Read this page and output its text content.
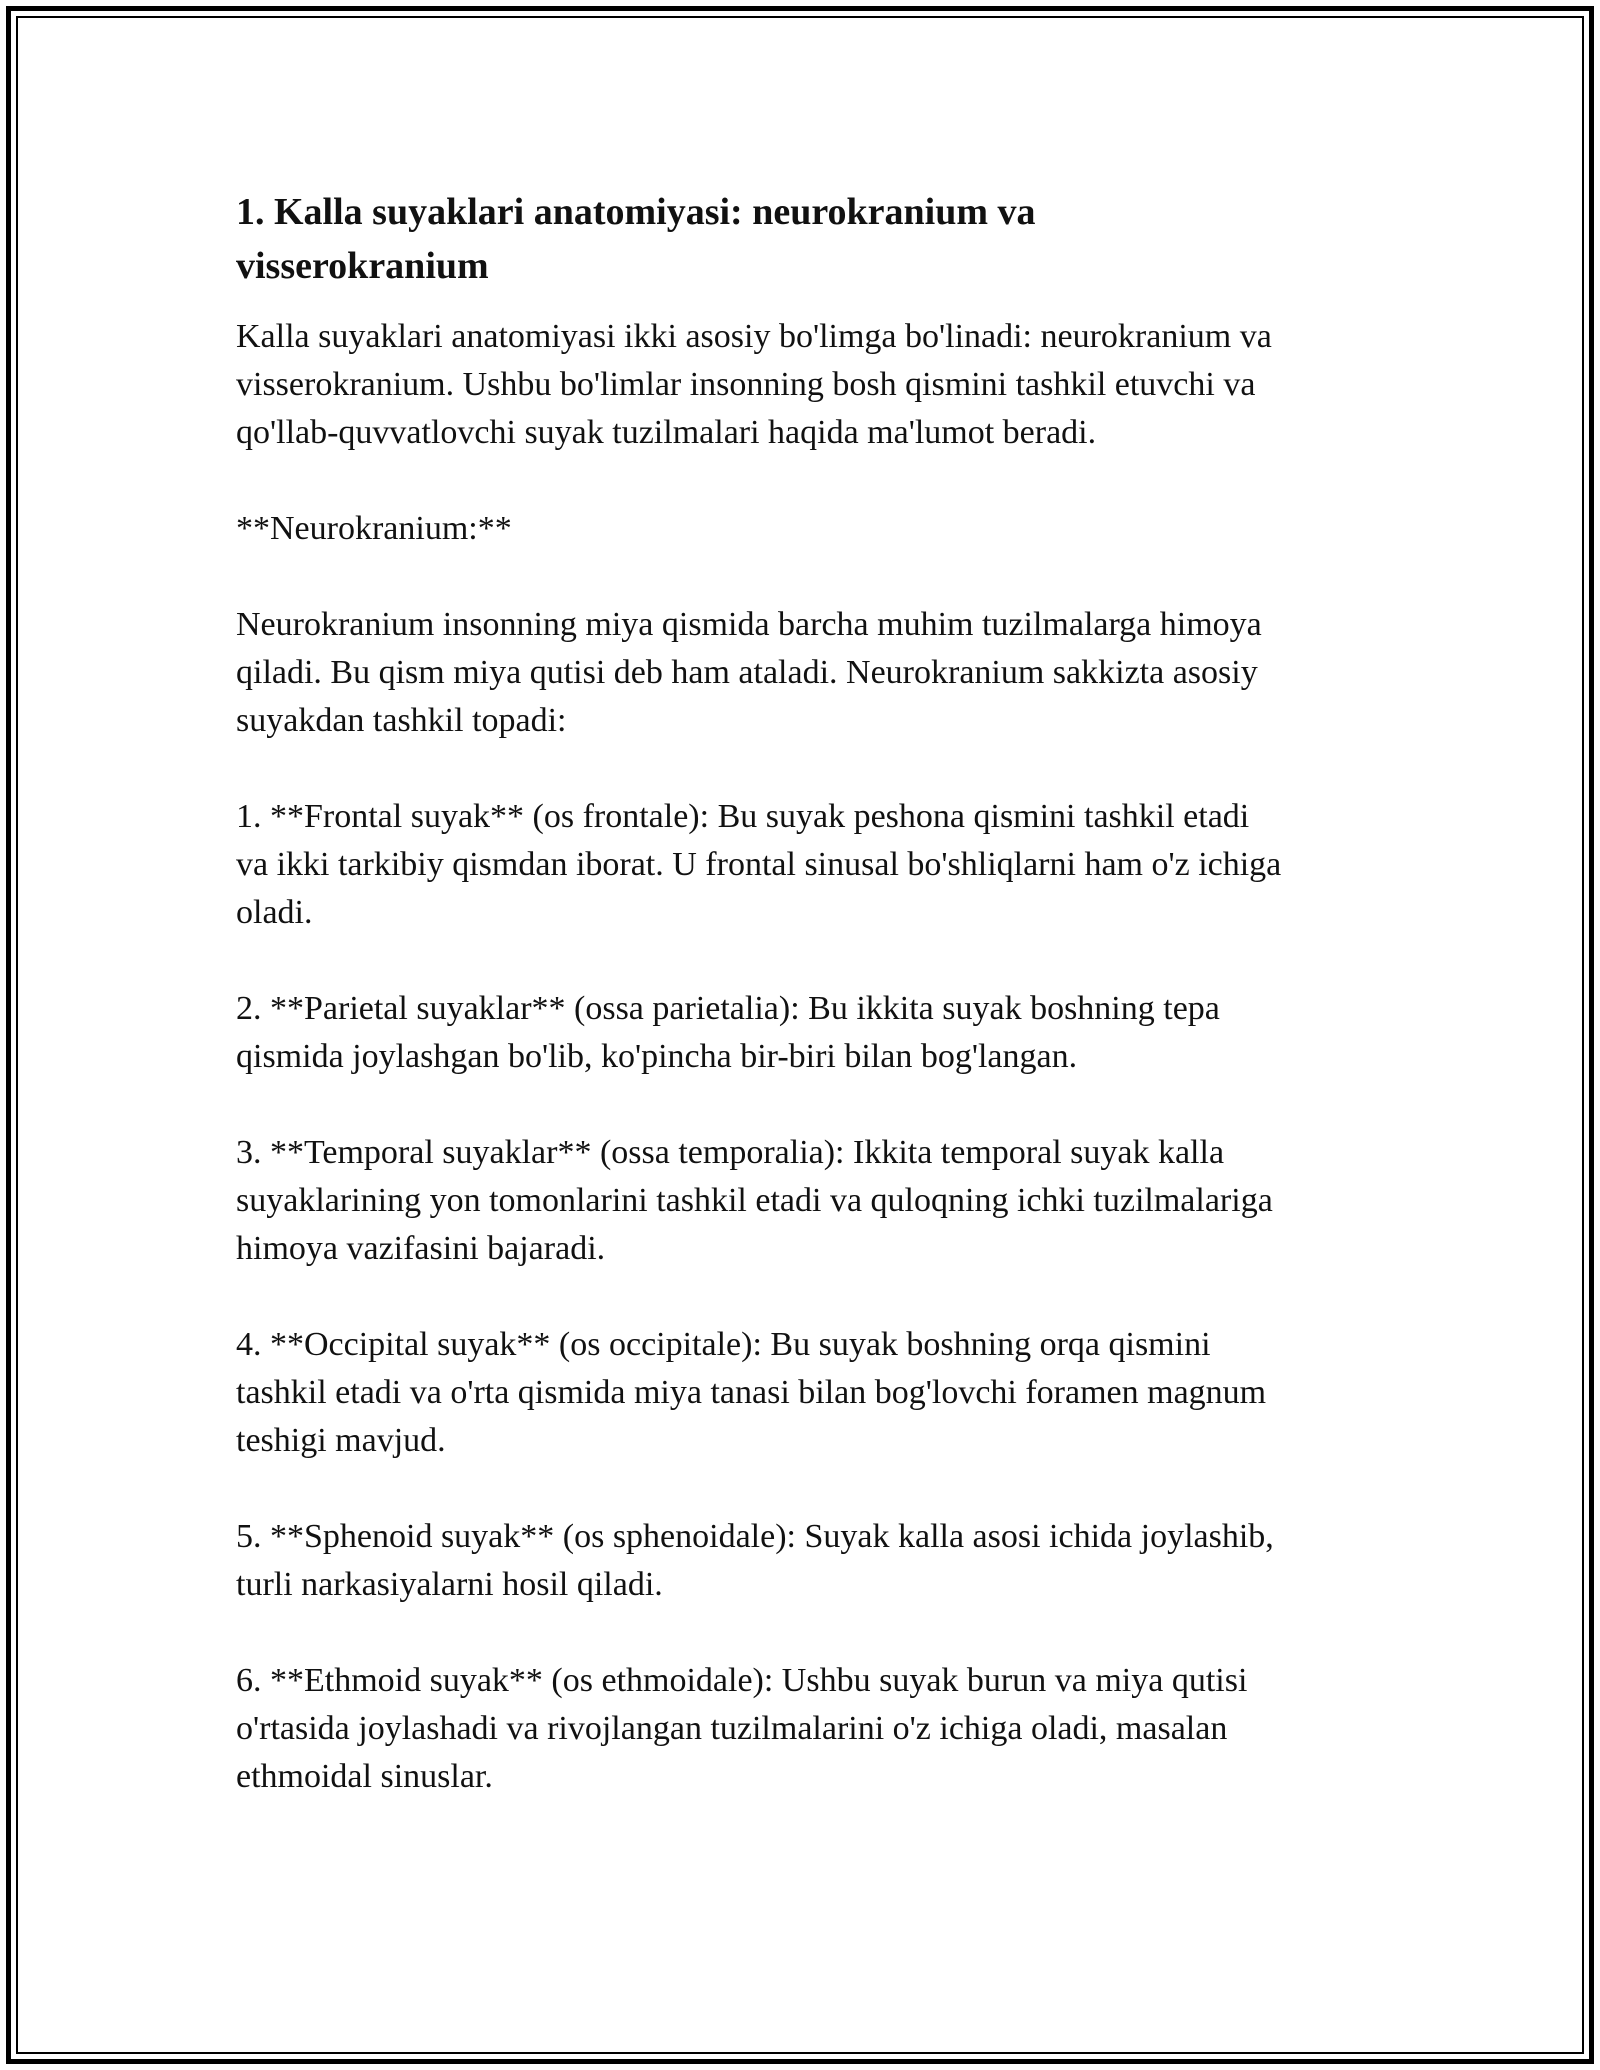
1. Kalla suyaklari anatomiyasi: neurokranium va
visserokranium

Kalla suyaklari anatomiyasi ikki asosiy bo'limga bo'linadi: neurokranium va
visserokranium. Ushbu bo'limlar insonning bosh qismini tashkil etuvchi va
qo'llab-quvvatlovchi suyak tuzilmalari haqida ma'lumot beradi.

**Neurokranium:**

Neurokranium insonning miya qismida barcha muhim tuzilmalarga himoya
qiladi. Bu qism miya qutisi deb ham ataladi. Neurokranium sakkizta asosiy
suyakdan tashkil topadi:

1. **Frontal suyak** (os frontale): Bu suyak peshona qismini tashkil etadi
va ikki tarkibiy qismdan iborat. U frontal sinusal bo'shliqlarni ham o'z ichiga
oladi.

2. **Parietal suyaklar** (ossa parietalia): Bu ikkita suyak boshning tepa
qismida joylashgan bo'lib, ko'pincha bir-biri bilan bog'langan.

3. **Temporal suyaklar** (ossa temporalia): Ikkita temporal suyak kalla
suyaklarining yon tomonlarini tashkil etadi va quloqning ichki tuzilmalariga
himoya vazifasini bajaradi.

4. **Occipital suyak** (os occipitale): Bu suyak boshning orqa qismini
tashkil etadi va o'rta qismida miya tanasi bilan bog'lovchi foramen magnum
teshigi mavjud.

5. **Sphenoid suyak** (os sphenoidale): Suyak kalla asosi ichida joylashib,
turli narkasiyalarni hosil qiladi.

6. **Ethmoid suyak** (os ethmoidale): Ushbu suyak burun va miya qutisi
o'rtasida joylashadi va rivojlangan tuzilmalarini o'z ichiga oladi, masalan
ethmoidal sinuslar.
